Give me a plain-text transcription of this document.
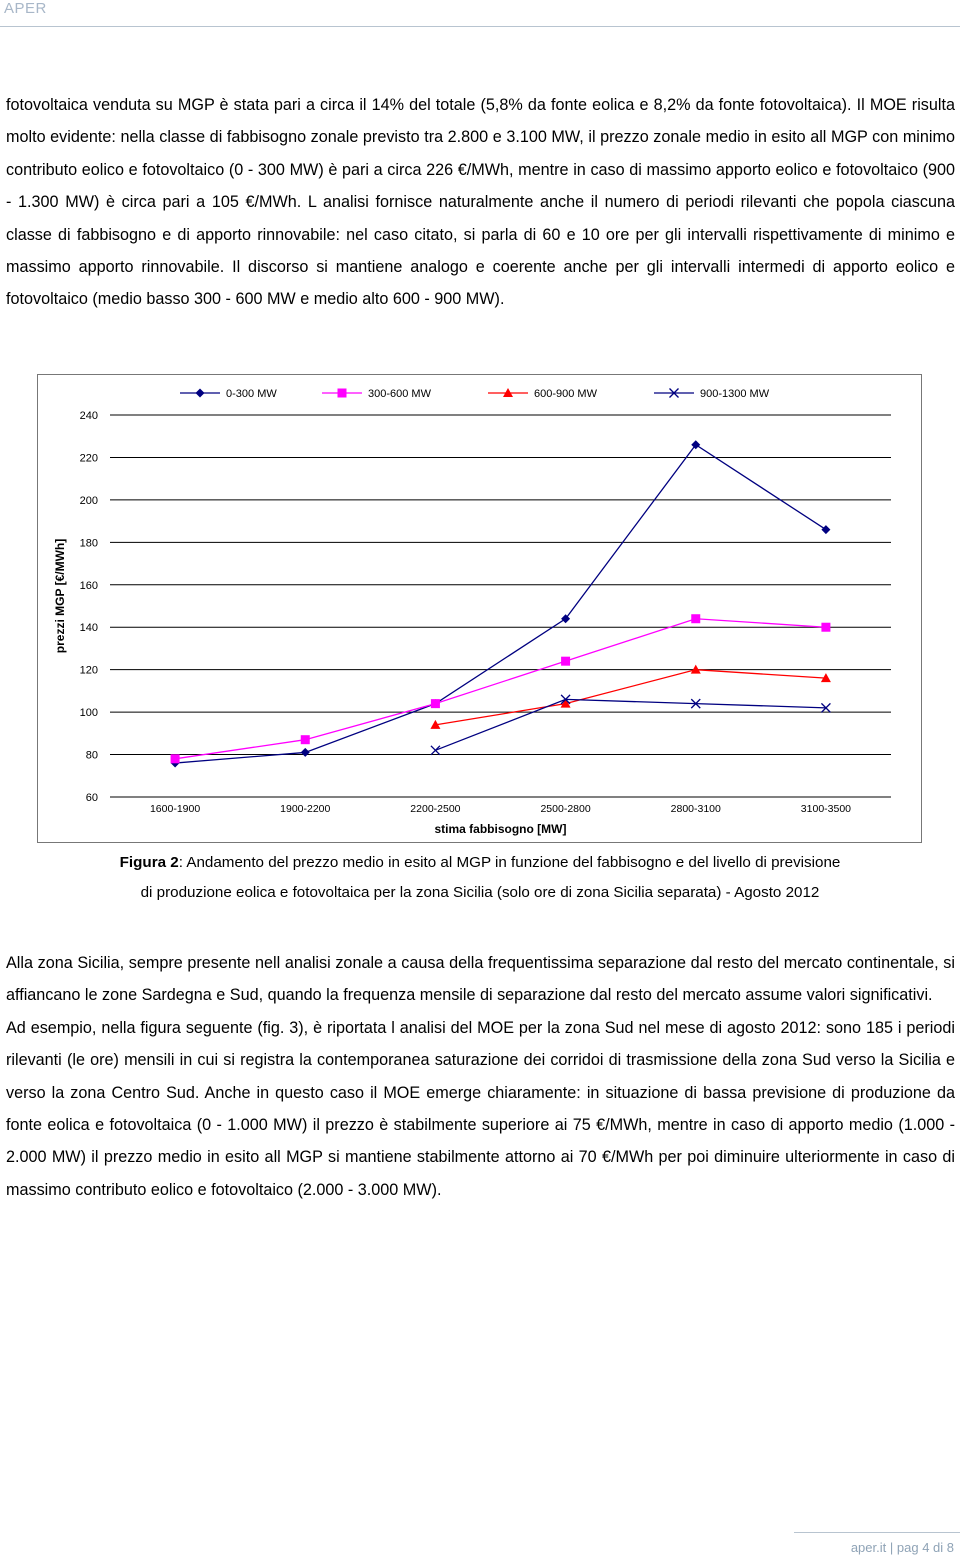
APER
fotovoltaica venduta su MGP è stata pari a circa il 14% del totale (5,8% da fonte eolica e 8,2% da fonte fotovoltaica). Il MOE risulta molto evidente: nella classe di fabbisogno zonale previsto tra 2.800 e 3.100 MW, il prezzo zonale medio in esito all MGP con minimo contributo eolico e fotovoltaico (0 - 300 MW) è pari a circa 226 €/MWh, mentre in caso di massimo apporto eolico e fotovoltaico (900 - 1.300 MW) è circa pari a 105 €/MWh. L analisi fornisce naturalmente anche il numero di periodi rilevanti che popola ciascuna classe di fabbisogno e di apporto rinnovabile: nel caso citato, si parla di 60 e 10 ore per gli intervalli rispettivamente di minimo e massimo apporto rinnovabile. Il discorso si mantiene analogo e coerente anche per gli intervalli intermedi di apporto eolico e fotovoltaico (medio basso 300 - 600 MW e medio alto 600 - 900 MW).
60
80
100
120
140
160
180
200
220
240
1600-1900	1900-2200	2200-2500	2500-2800	2800-3100	3100-3500
stima fabbisogno [MW]
prezzi MGP [€/MWh]
0-300 MW	300-600 MW	600-900 MW	900-1300 MW
Figura 2: Andamento del prezzo medio in esito al MGP in funzione del fabbisogno e del livello di previsione
di produzione eolica e fotovoltaica per la zona Sicilia (solo ore di zona Sicilia separata) - Agosto 2012
Alla zona Sicilia, sempre presente nell analisi zonale a causa della frequentissima separazione dal resto del mercato continentale, si affiancano le zone Sardegna e Sud, quando la frequenza mensile di separazione dal resto del mercato assume valori significativi.
Ad esempio, nella figura seguente (fig. 3), è riportata l analisi del MOE per la zona Sud nel mese di agosto 2012: sono 185 i periodi rilevanti (le ore) mensili in cui si registra la contemporanea saturazione dei corridoi di trasmissione della zona Sud verso la Sicilia e verso la zona Centro Sud. Anche in questo caso il MOE emerge chiaramente: in situazione di bassa previsione di produzione da fonte eolica e fotovoltaica (0 - 1.000 MW) il prezzo è stabilmente superiore ai 75 €/MWh, mentre in caso di apporto medio (1.000 - 2.000 MW) il prezzo medio in esito all MGP si mantiene stabilmente attorno ai 70 €/MWh per poi diminuire ulteriormente in caso di massimo contributo eolico e fotovoltaico (2.000 - 3.000 MW).
aper.it | pag 4 di 8
